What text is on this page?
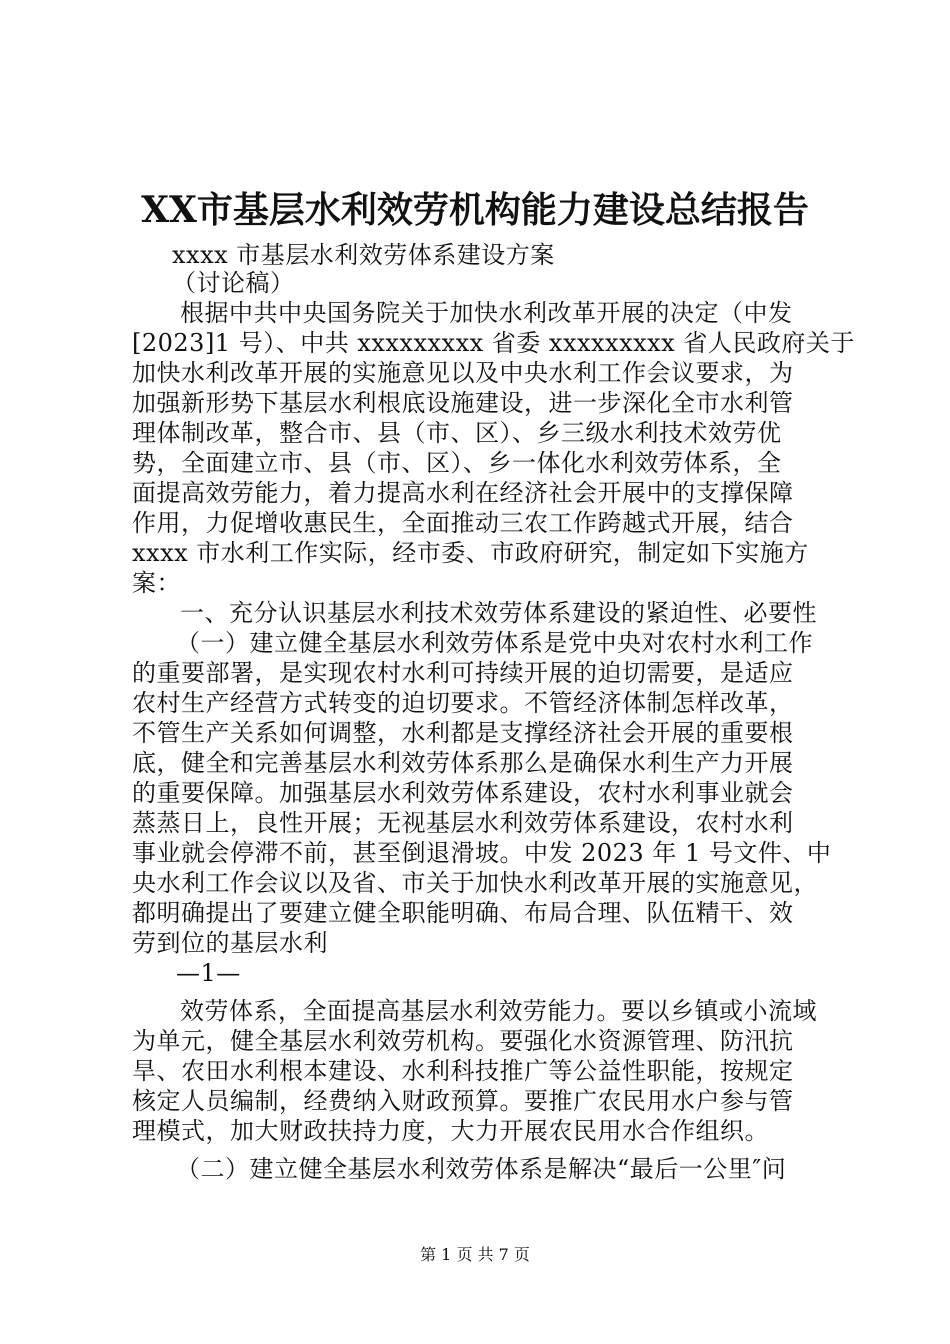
XX市基层水利效劳机构能力建设总结报告
xxxx 市基层水利效劳体系建设方案
（讨论稿）
根据中共中央国务院关于加快水利改革开展的决定（中发
[2023]1 号）、中共 xxxxxxxxx 省委 xxxxxxxxx 省人民政府关于
加快水利改革开展的实施意见以及中央水利工作会议要求，为
加强新形势下基层水利根底设施建设，进一步深化全市水利管
理体制改革，整合市、县（市、区）、乡三级水利技术效劳优
势，全面建立市、县（市、区）、乡一体化水利效劳体系，全
面提高效劳能力，着力提高水利在经济社会开展中的支撑保障
作用，力促增收惠民生，全面推动三农工作跨越式开展，结合
xxxx 市水利工作实际，经市委、市政府研究，制定如下实施方
案：
一、充分认识基层水利技术效劳体系建设的紧迫性、必要性
（一）建立健全基层水利效劳体系是党中央对农村水利工作
的重要部署，是实现农村水利可持续开展的迫切需要，是适应
农村生产经营方式转变的迫切要求。不管经济体制怎样改革，
不管生产关系如何调整，水利都是支撑经济社会开展的重要根
底，健全和完善基层水利效劳体系那么是确保水利生产力开展
的重要保障。加强基层水利效劳体系建设，农村水利事业就会
蒸蒸日上，良性开展；无视基层水利效劳体系建设，农村水利
事业就会停滞不前，甚至倒退滑坡。中发 2023 年 1 号文件、中
央水利工作会议以及省、市关于加快水利改革开展的实施意见，
都明确提出了要建立健全职能明确、布局合理、队伍精干、效
劳到位的基层水利
—1—
效劳体系，全面提高基层水利效劳能力。要以乡镇或小流域
为单元，健全基层水利效劳机构。要强化水资源管理、防汛抗
旱、农田水利根本建设、水利科技推广等公益性职能，按规定
核定人员编制，经费纳入财政预算。要推广农民用水户参与管
理模式，加大财政扶持力度，大力开展农民用水合作组织。
（二）建立健全基层水利效劳体系是解决“最后一公里″问
第 1 页 共 7 页
